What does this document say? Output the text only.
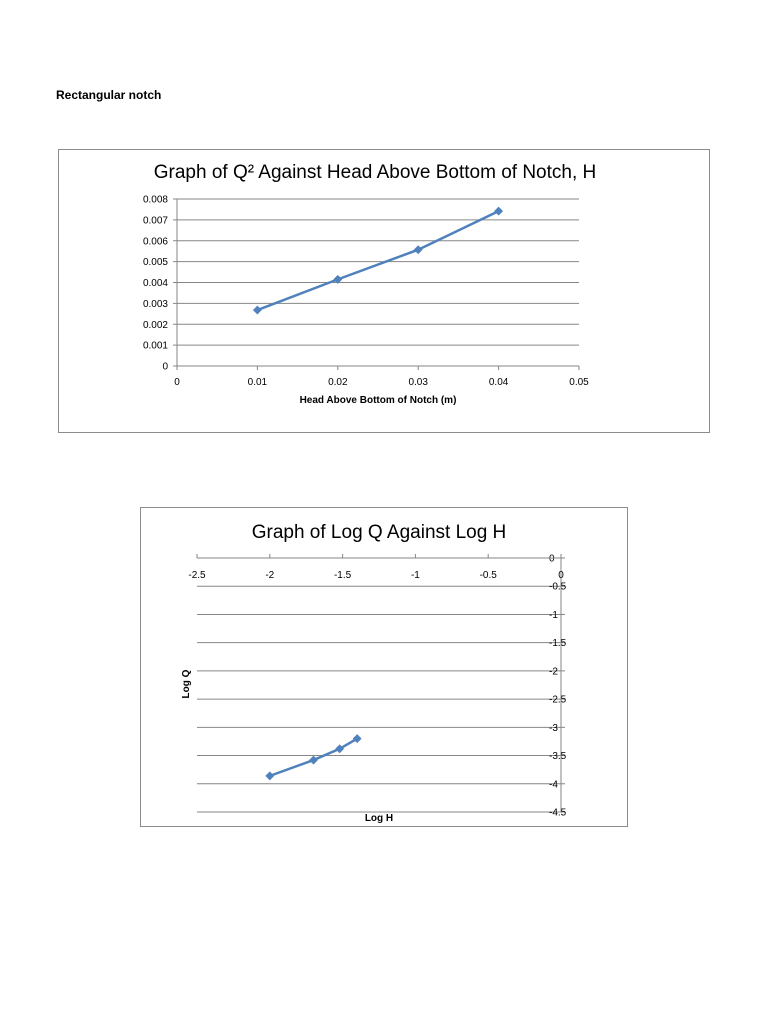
Rectangular notch
Graph of Q² Against Head Above Bottom of Notch, H
0
0.001
0.002
0.003
0.004
0.005
0.006
0.007
0.008
0	0.01	0.02	0.03	0.04	0.05
Head Above Bottom of Notch (m)
Graph of Log Q Against Log H
0
-0.5
-1
-1.5
-2
-2.5
-3
-3.5
-4
-4.5
-2.5	-2	-1.5	-1	-0.5	0
Log H
Log Q
